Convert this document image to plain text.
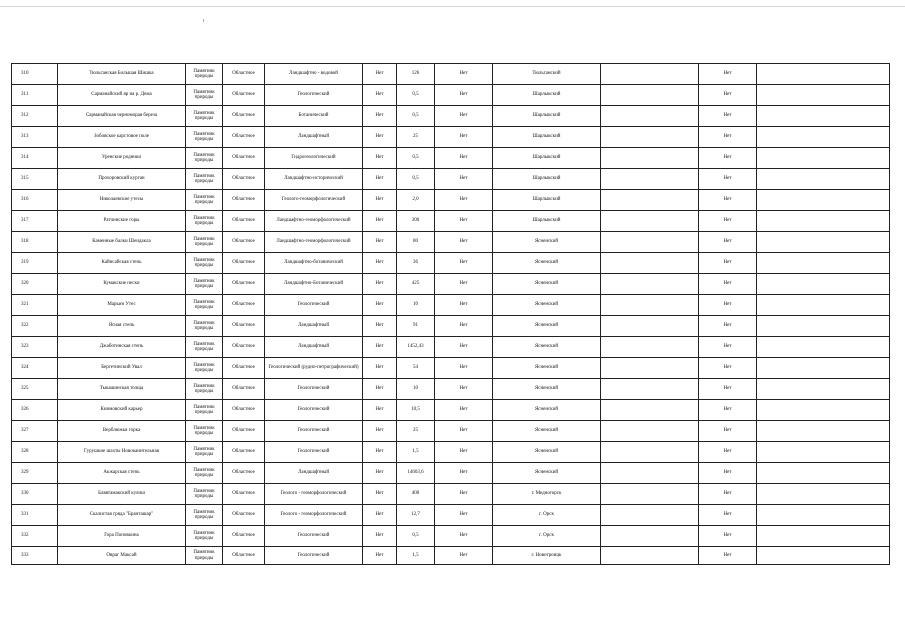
310	Тюльганская Большая Шишка	Памятник природы	Областное	Ландшафтно - водовой	Нет	126	Нет	Тюльганский		Нет	
311	Сарманайский яр на р. Дема	Памятник природы	Областное	Геологический	Нет	0,5	Нет	Шарлыкский		Нет	
312	Сарманайская черноморая береза	Памятник природы	Областное	Ботанический	Нет	0,5	Нет	Шарлыкский		Нет	
313	Зобовское карстовое поле	Памятник природы	Областное	Ландшафтный	Нет	25	Нет	Шарлыкский		Нет	
314	Уренские родники	Памятник природы	Областное	Гидрогеологический	Нет	0,5	Нет	Шарлыкский		Нет	
315	Прохоровский курган	Памятник природы	Областное	Ландшафтно-исторический	Нет	0,5	Нет	Шарлыкский		Нет	
316	Николаевские утесы	Памятник природы	Областное	Геолого-геоморфологический	Нет	2,0	Нет	Шарлыкский		Нет	
317	Ратчинские горы	Памятник природы	Областное	Ландшафтно-геоморфологический	Нет	300	Нет	Шарлыкский		Нет	
318	Каменные балки Шеидакла	Памятник природы	Областное	Ландшафтно-геоморфологический	Нет	80	Нет	Ясненский		Нет	
319	Кайнсайская степь	Памятник природы	Областное	Ландшафтно-ботанический	Нет	36	Нет	Ясненский		Нет	
320	Кумакские пески	Памятник природы	Областное	Ландшафтно-Ботанический	Нет	425	Нет	Ясненский		Нет	
321	Марьин Утес	Памятник природы	Областное	Геологический	Нет	10	Нет	Ясненский		Нет	
322	Ясная степь	Памятник природы	Областное	Ландшафтный	Нет	91	Нет	Ясненский		Нет	
323	Джаботинская степь	Памятник природы	Областное	Ландшафтный	Нет	1452,43	Нет	Ясненский		Нет	
324	Бергетинский Увал	Памятник природы	Областное	Геологический (рудно-петрографический)	Нет	54	Нет	Ясненский		Нет	
325	Тыкашинская толща	Памятник природы	Областное	Геологический	Нет	10	Нет	Ясненский		Нет	
326	Киимовский карьер	Памятник природы	Областное	Геологический	Нет	10,5	Нет	Ясненский		Нет	
327	Верблюжья горка	Памятник природы	Областное	Геологический	Нет	25	Нет	Ясненский		Нет	
328	Гурушкие шахты Новоканительная	Памятник природы	Областное	Геологический	Нет	1,5	Нет	Ясненский		Нет	
329	Акжарская степь	Памятник природы	Областное	Ландшафтный	Нет	14603,6	Нет	Ясненский		Нет	
330	Блявтамакский кулиш	Памятник природы	Областное	Геолого - геоморфологический	Нет	400	Нет	г. Медногорск		Нет	
331	Скалистая гряда "Бранташар"	Памятник природы	Областное	Геолого - геоморфологический	Нет	12,7	Нет	г. Орск		Нет	
332	Гора Поповкина	Памятник природы	Областное	Геологический	Нет	0,5	Нет	г. Орск		Нет	
333	Овраг Максай	Памятник природы	Областное	Геологический	Нет	1,5	Нет	г. Новотроицк		Нет	
